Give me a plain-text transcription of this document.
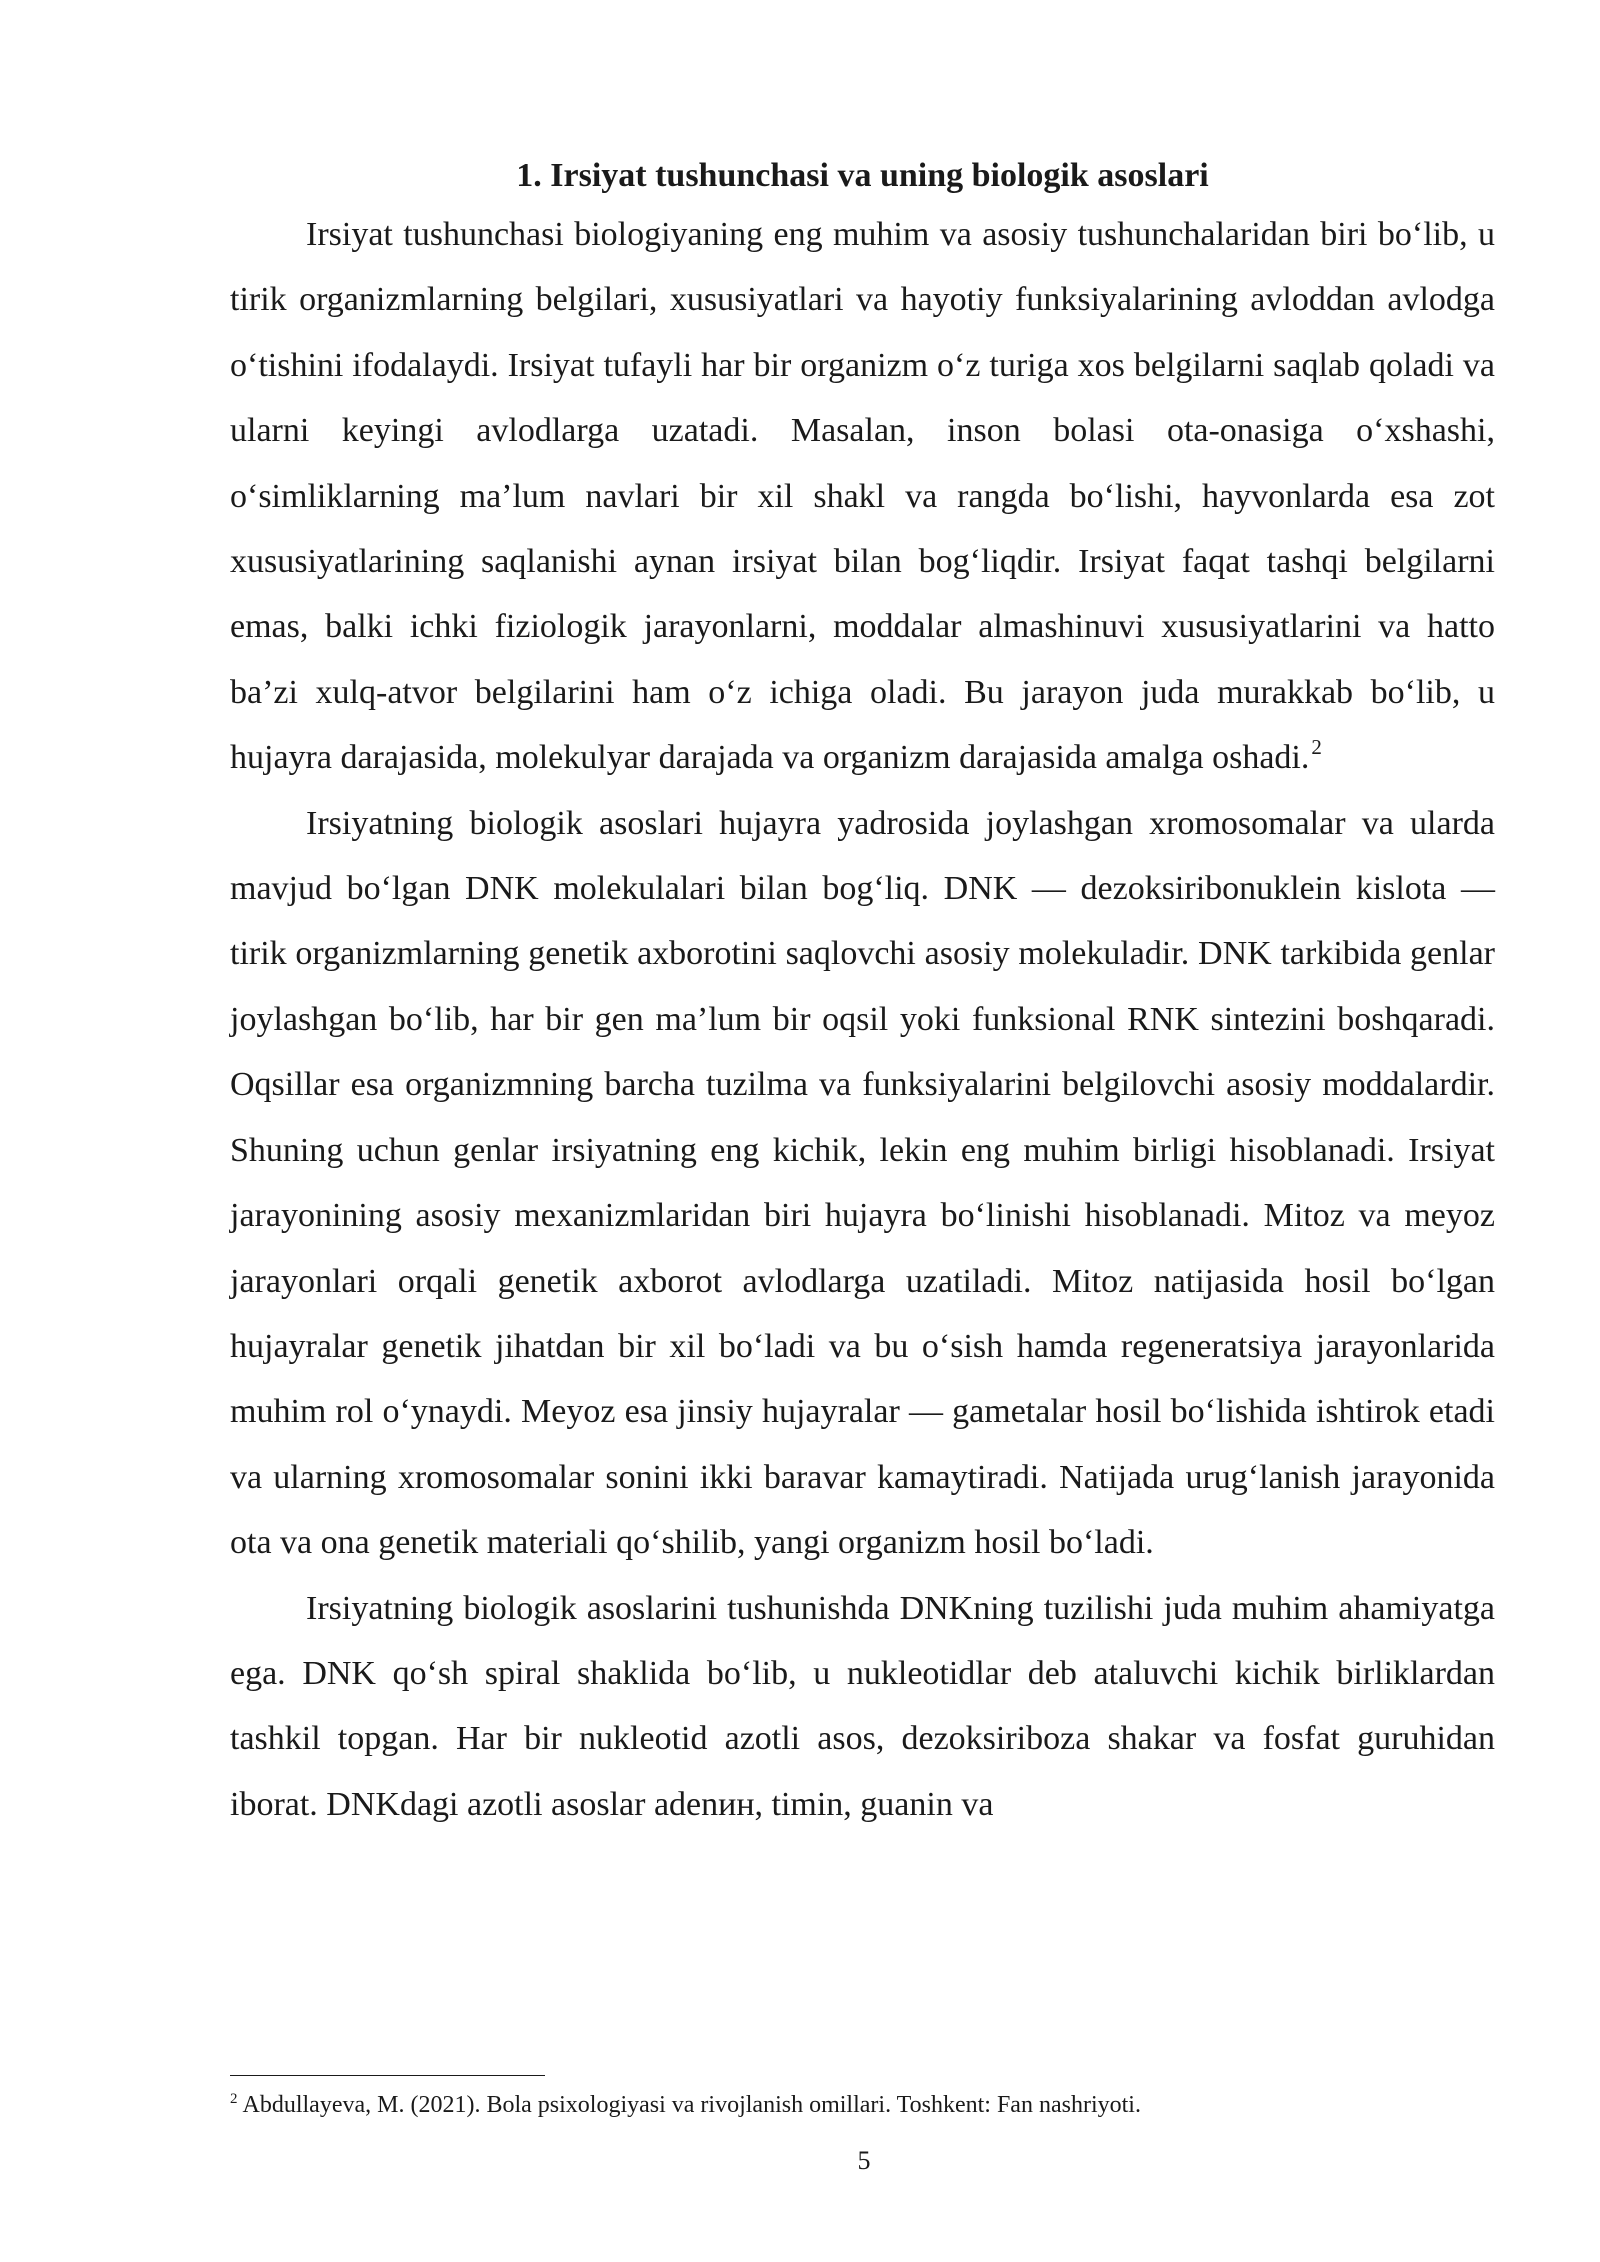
1. Irsiyat tushunchasi va uning biologik asoslari

Irsiyat tushunchasi biologiyaning eng muhim va asosiy tushunchalaridan biri bo‘lib, u tirik organizmlarning belgilari, xususiyatlari va hayotiy funksiyalarining avloddan avlodga o‘tishini ifodalaydi. Irsiyat tufayli har bir organizm o‘z turiga xos belgilarni saqlab qoladi va ularni keyingi avlodlarga uzatadi. Masalan, inson bolasi ota-onasiga o‘xshashi, o‘simliklarning ma’lum navlari bir xil shakl va rangda bo‘lishi, hayvonlarda esa zot xususiyatlarining saqlanishi aynan irsiyat bilan bog‘liqdir. Irsiyat faqat tashqi belgilarni emas, balki ichki fiziologik jarayonlarni, moddalar almashinuvi xususiyatlarini va hatto ba’zi xulq-atvor belgilarini ham o‘z ichiga oladi. Bu jarayon juda murakkab bo‘lib, u hujayra darajasida, molekulyar darajada va organizm darajasida amalga oshadi.$^2$

Irsiyatning biologik asoslari hujayra yadrosida joylashgan xromosomalar va ularda mavjud bo‘lgan DNK molekulalari bilan bog‘liq. DNK — dezoksiribonuklein kislota — tirik organizmlarning genetik axborotini saqlovchi asosiy molekuladir. DNK tarkibida genlar joylashgan bo‘lib, har bir gen ma’lum bir oqsil yoki funksional RNK sintezini boshqaradi. Oqsillar esa organizmning barcha tuzilma va funksiyalarini belgilovchi asosiy moddalardir. Shuning uchun genlar irsiyatning eng kichik, lekin eng muhim birligi hisoblanadi. Irsiyat jarayonining asosiy mexanizmlaridan biri hujayra bo‘linishi hisoblanadi. Mitoz va meyoz jarayonlari orqali genetik axborot avlodlarga uzatiladi. Mitoz natijasida hosil bo‘lgan hujayralar genetik jihatdan bir xil bo‘ladi va bu o‘sish hamda regeneratsiya jarayonlarida muhim rol o‘ynaydi. Meyoz esa jinsiy hujayralar — gametalar hosil bo‘lishida ishtirok etadi va ularning xromosomalar sonini ikki baravar kamaytiradi. Natijada urug‘lanish jarayonida ota va ona genetik materiali qo‘shilib, yangi organizm hosil bo‘ladi.

Irsiyatning biologik asoslarini tushunishda DNKning tuzilishi juda muhim ahamiyatga ega. DNK qo‘sh spiral shaklida bo‘lib, u nukleotidlar deb ataluvchi kichik birliklardan tashkil topgan. Har bir nukleotid azotli asos, dezoksiriboza shakar va fosfat guruhidan iborat. DNKdagi azotli asoslar adenин, timin, guanin va

$^2$ Abdullayeva, M. (2021). Bola psixologiyasi va rivojlanish omillari. Toshkent: Fan nashriyoti.
5
